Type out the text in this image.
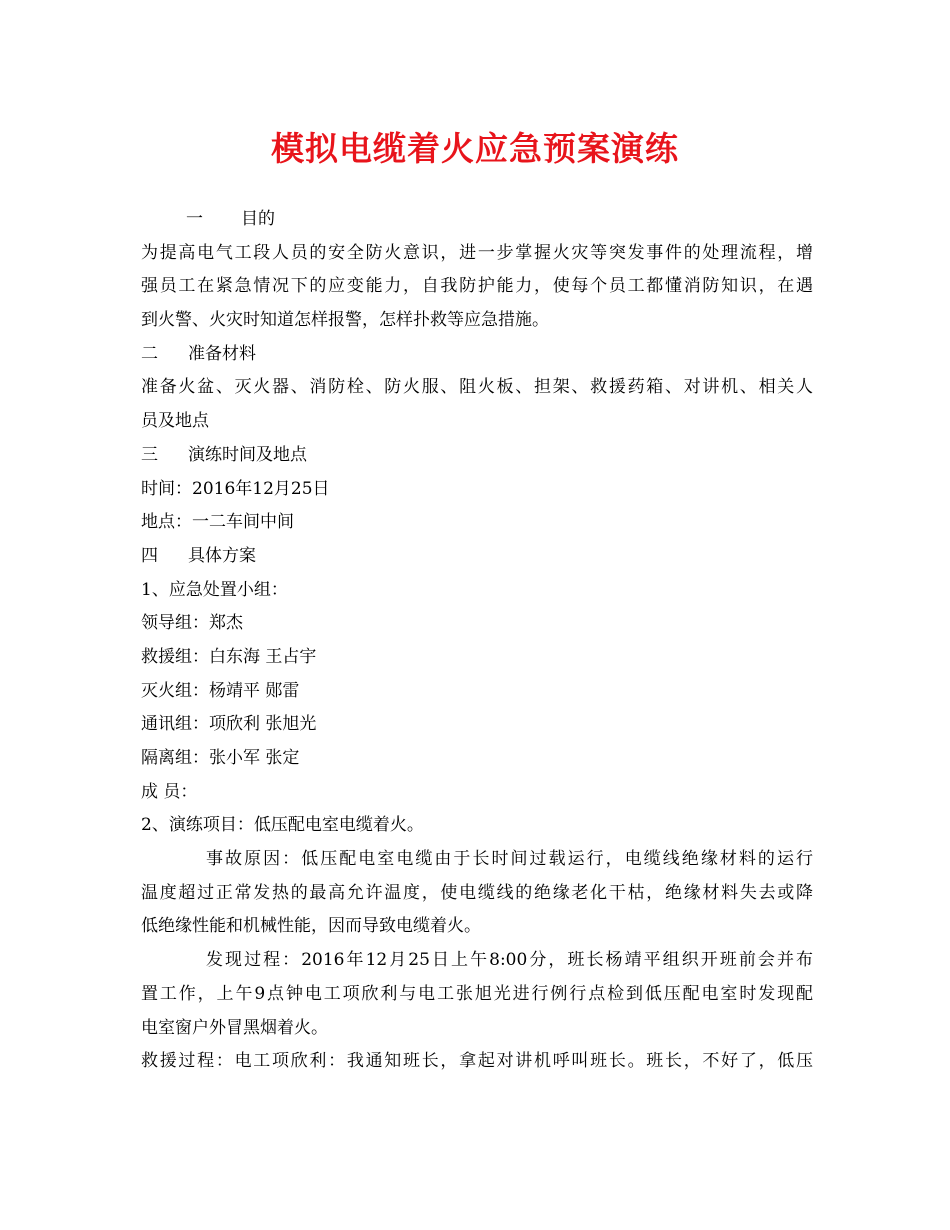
模拟电缆着火应急预案演练
一 目的
为提高电气工段人员的安全防火意识，进一步掌握火灾等突发事件的处理流程，增
强员工在紧急情况下的应变能力，自我防护能力，使每个员工都懂消防知识，在遇
到火警、火灾时知道怎样报警，怎样扑救等应急措施。
二 准备材料
准备火盆、灭火器、消防栓、防火服、阻火板、担架、救援药箱、对讲机、相关人
员及地点
三 演练时间及地点
时间：2016年12月25日
地点：一二车间中间
四 具体方案
1、应急处置小组：
领导组：郑杰
救援组：白东海 王占宇
灭火组：杨靖平 郧雷
通讯组：项欣利 张旭光
隔离组：张小军 张定
成 员：
2、演练项目：低压配电室电缆着火。
事故原因：低压配电室电缆由于长时间过载运行，电缆线绝缘材料的运行
温度超过正常发热的最高允许温度，使电缆线的绝缘老化干枯，绝缘材料失去或降
低绝缘性能和机械性能，因而导致电缆着火。
发现过程：2016年12月25日上午8:00分，班长杨靖平组织开班前会并布
置工作，上午9点钟电工项欣利与电工张旭光进行例行点检到低压配电室时发现配
电室窗户外冒黑烟着火。
救援过程：电工项欣利：我通知班长，拿起对讲机呼叫班长。班长，不好了，低压
